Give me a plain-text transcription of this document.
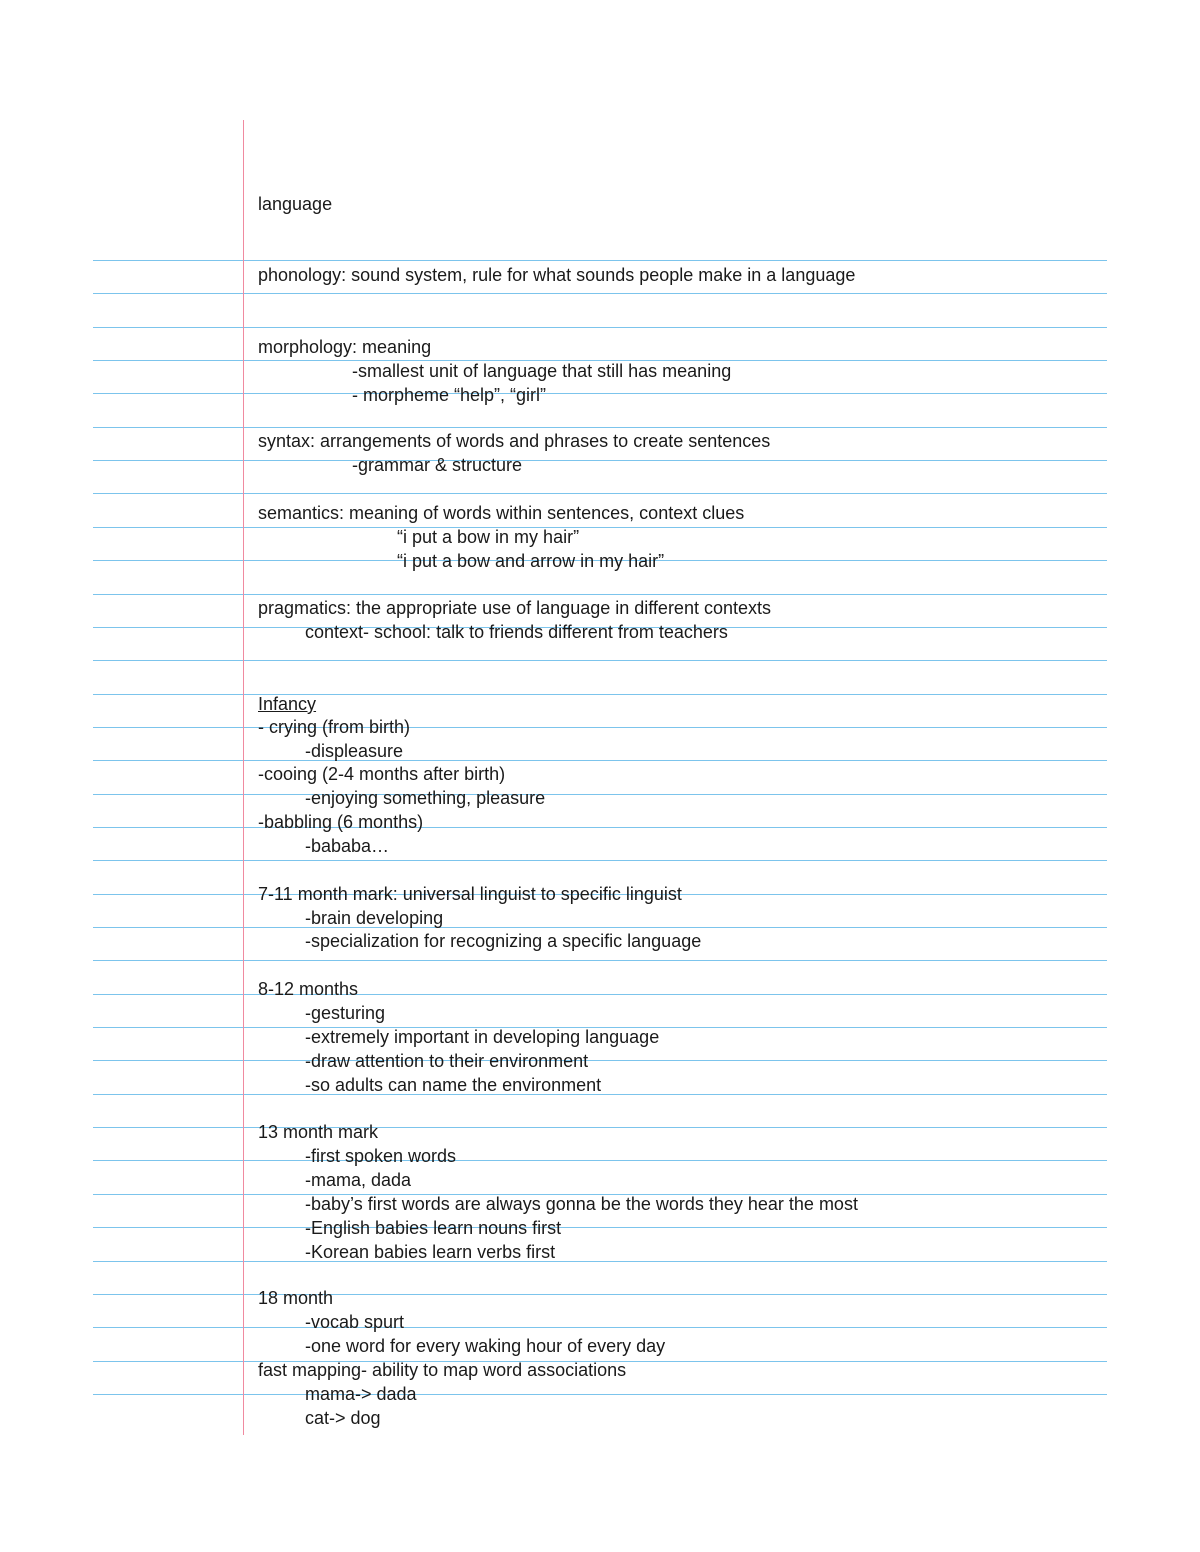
language
phonology: sound system, rule for what sounds people make in a language
morphology: meaning
-smallest unit of language that still has meaning
- morpheme “help”, “girl”
syntax: arrangements of words and phrases to create sentences
-grammar & structure
semantics: meaning of words within sentences, context clues
“i put a bow in my hair”
“i put a bow and arrow in my hair”
pragmatics: the appropriate use of language in different contexts
context- school: talk to friends different from teachers
Infancy
- crying (from birth)
-displeasure
-cooing (2-4 months after birth)
-enjoying something, pleasure
-babbling (6 months)
-bababa…
7-11 month mark: universal linguist to specific linguist
-brain developing
-specialization for recognizing a specific language
8-12 months
-gesturing
-extremely important in developing language
-draw attention to their environment
-so adults can name the environment
13 month mark
-first spoken words
-mama, dada
-baby’s first words are always gonna be the words they hear the most
-English babies learn nouns first
-Korean babies learn verbs first
18 month
-vocab spurt
-one word for every waking hour of every day
fast mapping- ability to map word associations
mama-> dada
cat-> dog
